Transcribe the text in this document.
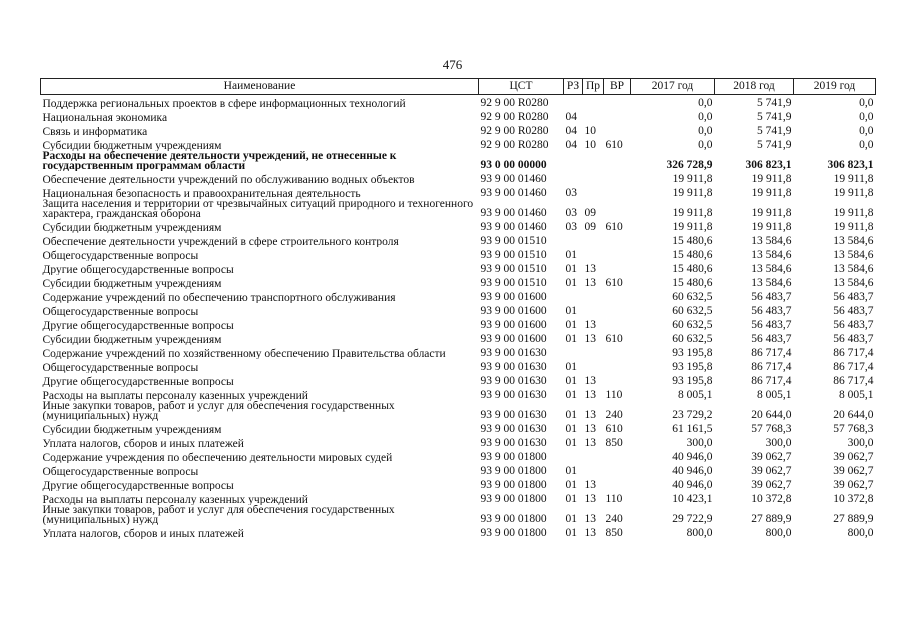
476
Наименование	ЦСТ	РЗ	Пр	ВР	2017 год	2018 год	2019 год
Поддержка региональных проектов в сфере информационных технологий	92 9 00 R0280				0,0	5 741,9	0,0
Национальная экономика	92 9 00 R0280	04			0,0	5 741,9	0,0
Связь и информатика	92 9 00 R0280	04	10		0,0	5 741,9	0,0
Субсидии бюджетным учреждениям	92 9 00 R0280	04	10	610	0,0	5 741,9	0,0
Расходы на обеспечение деятельности учреждений, не отнесенные к государственным программам области	93 0 00 00000				326 728,9	306 823,1	306 823,1
Обеспечение деятельности учреждений по обслуживанию водных объектов	93 9 00 01460				19 911,8	19 911,8	19 911,8
Национальная безопасность и правоохранительная деятельность	93 9 00 01460	03			19 911,8	19 911,8	19 911,8
Защита населения и территории от чрезвычайных ситуаций природного и техногенного характера, гражданская оборона	93 9 00 01460	03	09		19 911,8	19 911,8	19 911,8
Субсидии бюджетным учреждениям	93 9 00 01460	03	09	610	19 911,8	19 911,8	19 911,8
Обеспечение деятельности учреждений в сфере строительного контроля	93 9 00 01510				15 480,6	13 584,6	13 584,6
Общегосударственные вопросы	93 9 00 01510	01			15 480,6	13 584,6	13 584,6
Другие общегосударственные вопросы	93 9 00 01510	01	13		15 480,6	13 584,6	13 584,6
Субсидии бюджетным учреждениям	93 9 00 01510	01	13	610	15 480,6	13 584,6	13 584,6
Содержание учреждений по обеспечению транспортного обслуживания	93 9 00 01600				60 632,5	56 483,7	56 483,7
Общегосударственные вопросы	93 9 00 01600	01			60 632,5	56 483,7	56 483,7
Другие общегосударственные вопросы	93 9 00 01600	01	13		60 632,5	56 483,7	56 483,7
Субсидии бюджетным учреждениям	93 9 00 01600	01	13	610	60 632,5	56 483,7	56 483,7
Содержание учреждений по хозяйственному обеспечению Правительства области	93 9 00 01630				93 195,8	86 717,4	86 717,4
Общегосударственные вопросы	93 9 00 01630	01			93 195,8	86 717,4	86 717,4
Другие общегосударственные вопросы	93 9 00 01630	01	13		93 195,8	86 717,4	86 717,4
Расходы на выплаты персоналу казенных учреждений	93 9 00 01630	01	13	110	8 005,1	8 005,1	8 005,1
Иные закупки товаров, работ и услуг для обеспечения государственных (муниципальных) нужд	93 9 00 01630	01	13	240	23 729,2	20 644,0	20 644,0
Субсидии бюджетным учреждениям	93 9 00 01630	01	13	610	61 161,5	57 768,3	57 768,3
Уплата налогов, сборов и иных платежей	93 9 00 01630	01	13	850	300,0	300,0	300,0
Содержание учреждения по обеспечению деятельности мировых судей	93 9 00 01800				40 946,0	39 062,7	39 062,7
Общегосударственные вопросы	93 9 00 01800	01			40 946,0	39 062,7	39 062,7
Другие общегосударственные вопросы	93 9 00 01800	01	13		40 946,0	39 062,7	39 062,7
Расходы на выплаты персоналу казенных учреждений	93 9 00 01800	01	13	110	10 423,1	10 372,8	10 372,8
Иные закупки товаров, работ и услуг для обеспечения государственных (муниципальных) нужд	93 9 00 01800	01	13	240	29 722,9	27 889,9	27 889,9
Уплата налогов, сборов и иных платежей	93 9 00 01800	01	13	850	800,0	800,0	800,0
